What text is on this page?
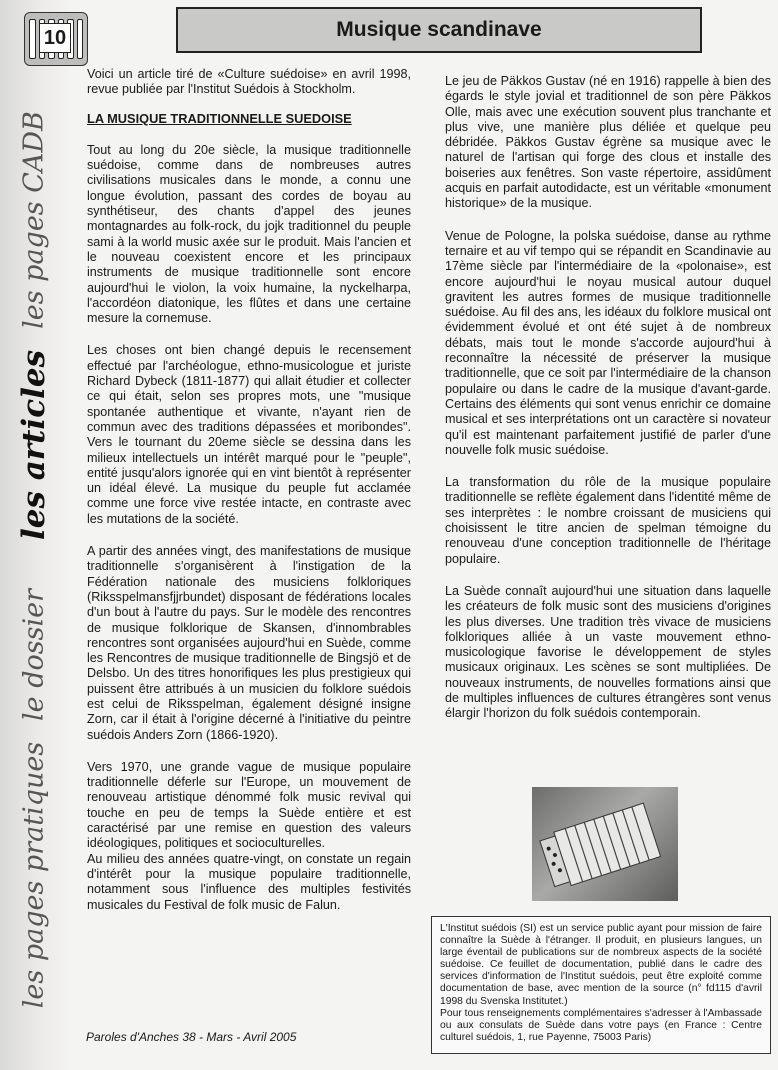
les pages CADB
les articles
le dossier
les pages pratiques
10	Musique scandinave

Voici un article tiré de «Culture suédoise» en avril 1998, revue publiée par l'Institut Suédois à Stockholm.

LA MUSIQUE TRADITIONNELLE SUEDOISE

Tout au long du 20e siècle, la musique traditionnelle suédoise, comme dans de nombreuses autres civilisations musicales dans le monde, a connu une longue évolution, passant des cordes de boyau au synthétiseur, des chants d'appel des jeunes montagnardes au folk-rock, du jojk traditionnel du peuple sami à la world music axée sur le produit. Mais l'ancien et le nouveau coexistent encore et les principaux instruments de musique traditionnelle sont encore aujourd'hui le violon, la voix humaine, la nyckelharpa, l'accordéon diatonique, les flûtes et dans une certaine mesure la cornemuse.

Les choses ont bien changé depuis le recensement effectué par l'archéologue, ethno-musicologue et juriste Richard Dybeck (1811-1877) qui allait étudier et collecter ce qui était, selon ses propres mots, une "musique spontanée authentique et vivante, n'ayant rien de commun avec des traditions dépassées et moribondes". Vers le tournant du 20eme siècle se dessina dans les milieux intellectuels un intérêt marqué pour le "peuple", entité jusqu'alors ignorée qui en vint bientôt à représenter un idéal élevé. La musique du peuple fut acclamée comme une force vive restée intacte, en contraste avec les mutations de la société.

A partir des années vingt, des manifestations de musique traditionnelle s'organisèrent à l'instigation de la Fédération nationale des musiciens folkloriques (Riksspelmansfjjrbundet) disposant de fédérations locales d'un bout à l'autre du pays. Sur le modèle des rencontres de musique folklorique de Skansen, d'innombrables rencontres sont organisées aujourd'hui en Suède, comme les Rencontres de musique traditionnelle de Bingsjö et de Delsbo. Un des titres honorifiques les plus prestigieux qui puissent être attribués à un musicien du folklore suédois est celui de Riksspelman, également désigné insigne Zorn, car il était à l'origine décerné à l'initiative du peintre suédois Anders Zorn (1866-1920).

Vers 1970, une grande vague de musique populaire traditionnelle déferle sur l'Europe, un mouvement de renouveau artistique dénommé folk music revival qui touche en peu de temps la Suède entière et est caractérisé par une remise en question des valeurs idéologiques, politiques et socioculturelles.

Au milieu des années quatre-vingt, on constate un regain d'intérêt pour la musique populaire traditionnelle, notamment sous l'influence des multiples festivités musicales du Festival de folk music de Falun.

Le jeu de Päkkos Gustav (né en 1916) rappelle à bien des égards le style jovial et traditionnel de son père Päkkos Olle, mais avec une exécution souvent plus tranchante et plus vive, une manière plus déliée et quelque peu débridée. Päkkos Gustav égrène sa musique avec le naturel de l'artisan qui forge des clous et installe des boiseries aux fenêtres. Son vaste répertoire, assidûment acquis en parfait autodidacte, est un véritable «monument historique» de la musique.

Venue de Pologne, la polska suédoise, danse au rythme ternaire et au vif tempo qui se répandit en Scandinavie au 17ème siècle par l'intermédiaire de la «polonaise», est encore aujourd'hui le noyau musical autour duquel gravitent les autres formes de musique traditionnelle suédoise. Au fil des ans, les idéaux du folklore musical ont évidemment évolué et ont été sujet à de nombreux débats, mais tout le monde s'accorde aujourd'hui à reconnaître la nécessité de préserver la musique traditionnelle, que ce soit par l'intermédiaire de la chanson populaire ou dans le cadre de la musique d'avant-garde. Certains des éléments qui sont venus enrichir ce domaine musical et ses interprétations ont un caractère si novateur qu'il est maintenant parfaitement justifié de parler d'une nouvelle folk music suédoise.

La transformation du rôle de la musique populaire traditionnelle se reflète également dans l'identité même de ses interprètes : le nombre croissant de musiciens qui choisissent le titre ancien de spelman témoigne du renouveau d'une conception traditionnelle de l'héritage populaire.

La Suède connaît aujourd'hui une situation dans laquelle les créateurs de folk music sont des musiciens d'origines les plus diverses. Une tradition très vivace de musiciens folkloriques alliée à un vaste mouvement ethno-musicologique favorise le développement de styles musicaux originaux. Les scènes se sont multipliées. De nouveaux instruments, de nouvelles formations ainsi que de multiples influences de cultures étrangères sont venus élargir l'horizon du folk suédois contemporain.

L'Institut suédois (SI) est un service public ayant pour mission de faire connaître la Suède à l'étranger. Il produit, en plusieurs langues, un large éventail de publications sur de nombreux aspects de la société suédoise. Ce feuillet de documentation, publié dans le cadre des services d'information de l'Institut suédois, peut être exploité comme documentation de base, avec mention de la source (n° fd115 d'avril 1998 du Svenska Institutet.)

Pour tous renseignements complémentaires s'adresser à l'Ambassade ou aux consulats de Suède dans votre pays (en France : Centre culturel suédois, 1, rue Payenne, 75003 Paris)

Paroles d'Anches 38 - Mars - Avril 2005
